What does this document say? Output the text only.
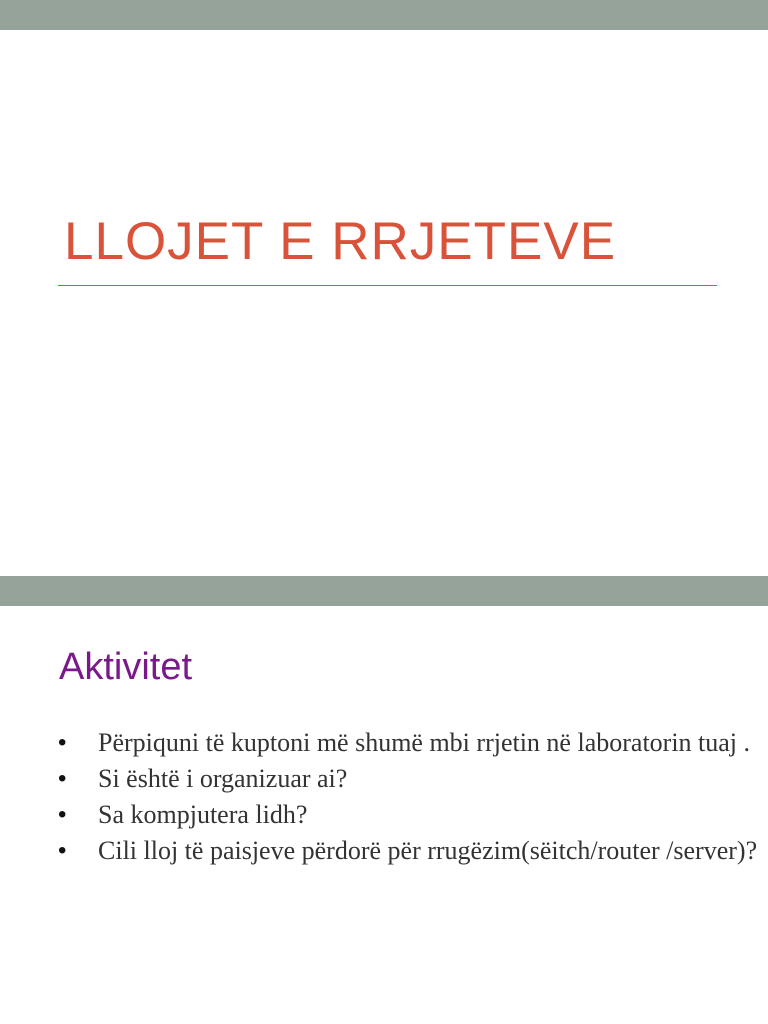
LLOJET E RRJETEVE
Aktivitet
• Përpiquni të kuptoni më shumë mbi rrjetin në laboratorin tuaj .
• Si është i organizuar ai?
• Sa kompjutera lidh?
• Cili lloj të paisjeve përdorë për rrugëzim(sëitch/router /server)?
